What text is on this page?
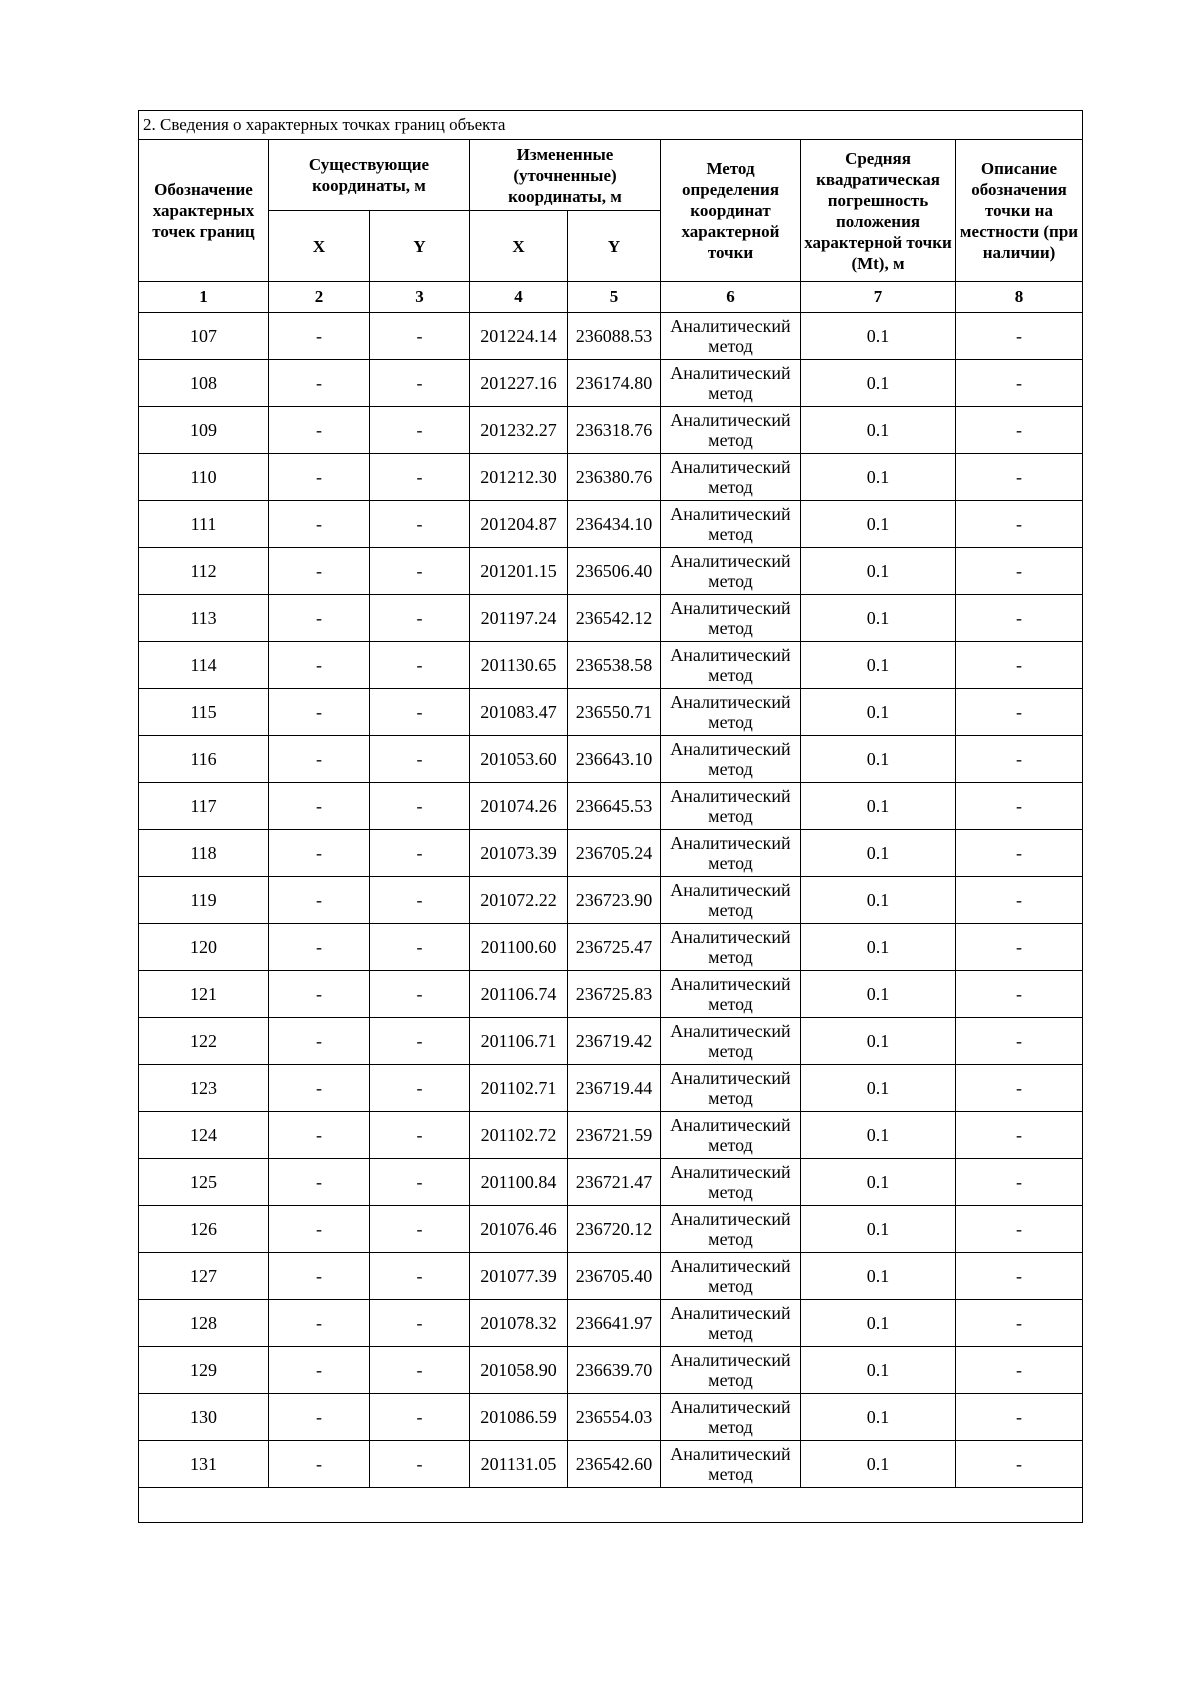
2. Сведения о характерных точках границ объекта							
Обозначение характерных точек границ	Существующие координаты, м		Измененные (уточненные) координаты, м		Метод определения координат характерной точки	Средняя квадратическая погрешность положения характерной точки (Mt), м	Описание обозначения точки на местности (при наличии)
	X	Y	X	Y			
1	2	3	4	5	6	7	8
107	-	-	201224.14	236088.53	Аналитический метод	0.1	-
108	-	-	201227.16	236174.80	Аналитический метод	0.1	-
109	-	-	201232.27	236318.76	Аналитический метод	0.1	-
110	-	-	201212.30	236380.76	Аналитический метод	0.1	-
111	-	-	201204.87	236434.10	Аналитический метод	0.1	-
112	-	-	201201.15	236506.40	Аналитический метод	0.1	-
113	-	-	201197.24	236542.12	Аналитический метод	0.1	-
114	-	-	201130.65	236538.58	Аналитический метод	0.1	-
115	-	-	201083.47	236550.71	Аналитический метод	0.1	-
116	-	-	201053.60	236643.10	Аналитический метод	0.1	-
117	-	-	201074.26	236645.53	Аналитический метод	0.1	-
118	-	-	201073.39	236705.24	Аналитический метод	0.1	-
119	-	-	201072.22	236723.90	Аналитический метод	0.1	-
120	-	-	201100.60	236725.47	Аналитический метод	0.1	-
121	-	-	201106.74	236725.83	Аналитический метод	0.1	-
122	-	-	201106.71	236719.42	Аналитический метод	0.1	-
123	-	-	201102.71	236719.44	Аналитический метод	0.1	-
124	-	-	201102.72	236721.59	Аналитический метод	0.1	-
125	-	-	201100.84	236721.47	Аналитический метод	0.1	-
126	-	-	201076.46	236720.12	Аналитический метод	0.1	-
127	-	-	201077.39	236705.40	Аналитический метод	0.1	-
128	-	-	201078.32	236641.97	Аналитический метод	0.1	-
129	-	-	201058.90	236639.70	Аналитический метод	0.1	-
130	-	-	201086.59	236554.03	Аналитический метод	0.1	-
131	-	-	201131.05	236542.60	Аналитический метод	0.1	-
